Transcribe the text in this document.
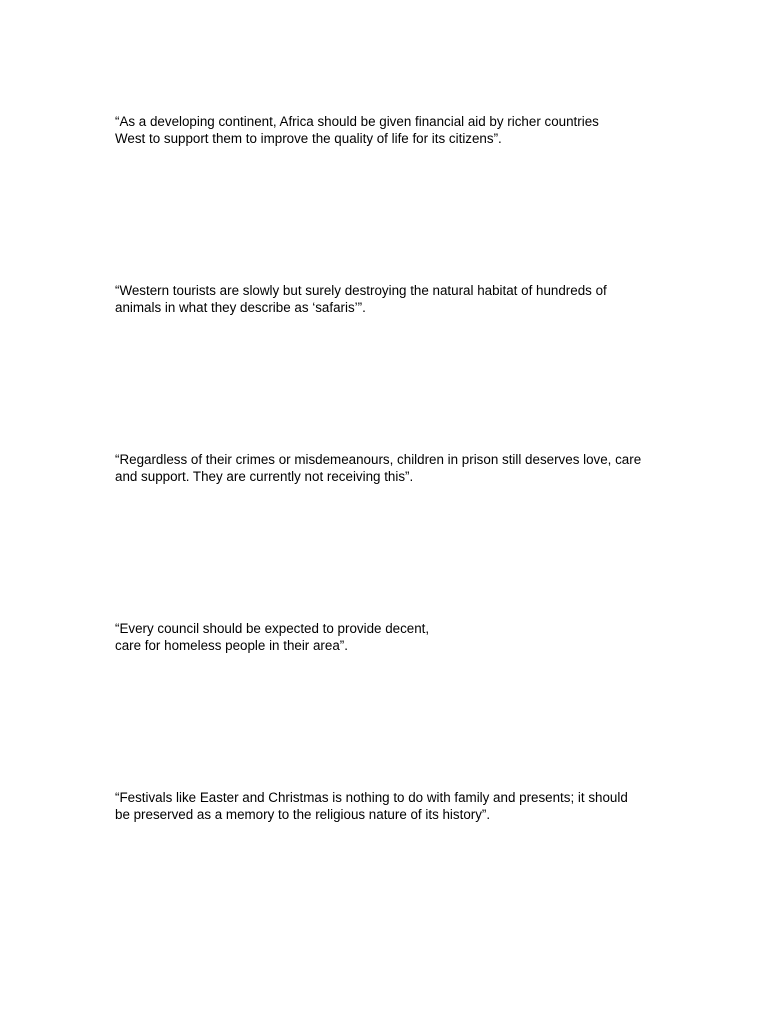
“As a developing continent, Africa should be given financial aid by richer countries
West to support them to improve the quality of life for its citizens”.

“Western tourists are slowly but surely destroying the natural habitat of hundreds of
animals in what they describe as ‘safaris’”.

“Regardless of their crimes or misdemeanours, children in prison still deserves love, care
and support. They are currently not receiving this”.

“Every council should be expected to provide decent,
care for homeless people in their area”.

“Festivals like Easter and Christmas is nothing to do with family and presents; it should
be preserved as a memory to the religious nature of its history”.
